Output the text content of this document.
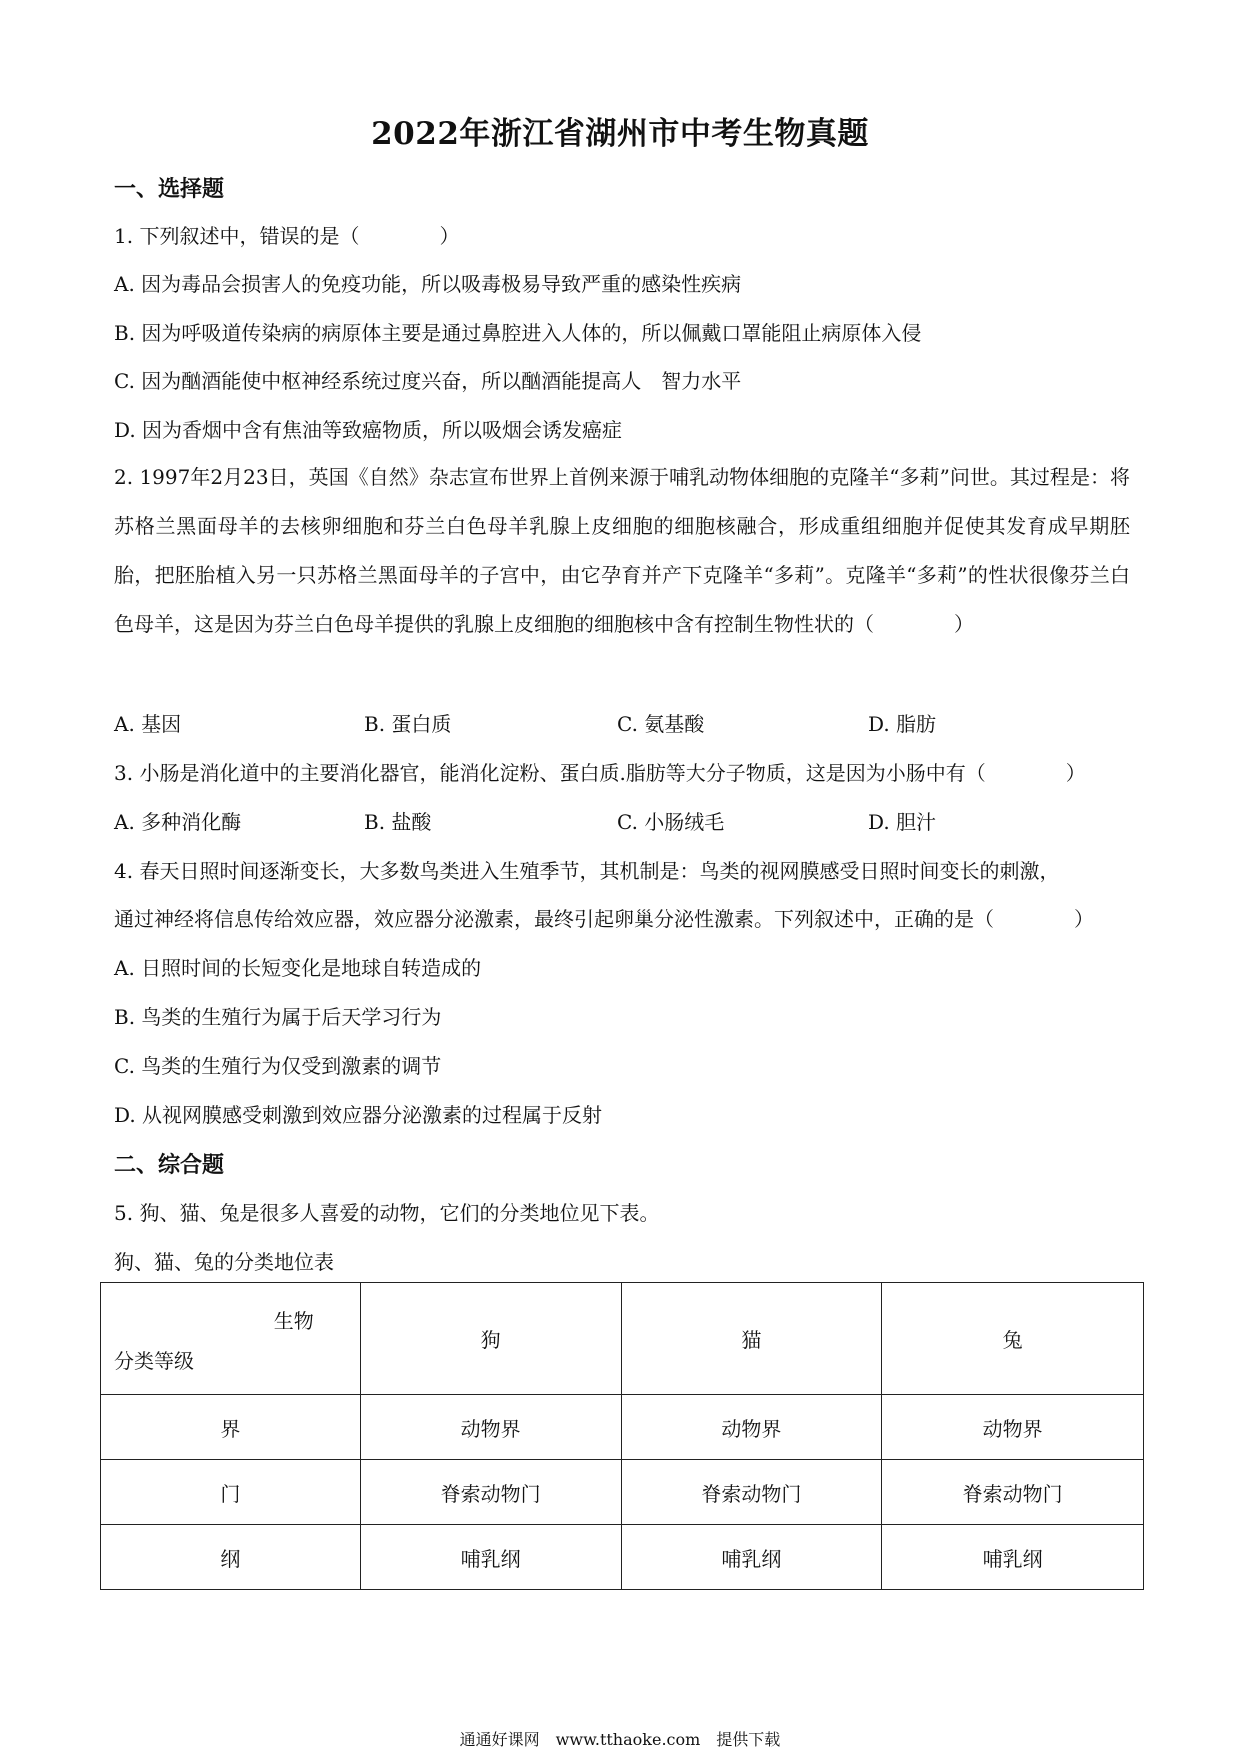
2022年浙江省湖州市中考生物真题
一、选择题
1. 下列叙述中，错误的是（　　　　）
A. 因为毒品会损害人的免疫功能，所以吸毒极易导致严重的感染性疾病
B. 因为呼吸道传染病的病原体主要是通过鼻腔进入人体的，所以佩戴口罩能阻止病原体入侵
C. 因为酗酒能使中枢神经系统过度兴奋，所以酗酒能提高人　智力水平
D. 因为香烟中含有焦油等致癌物质，所以吸烟会诱发癌症
2. 1997年2月23日，英国《自然》杂志宣布世界上首例来源于哺乳动物体细胞的克隆羊“多莉”问世。其过程是：将苏格兰黑面母羊的去核卵细胞和芬兰白色母羊乳腺上皮细胞的细胞核融合，形成重组细胞并促使其发育成早期胚胎，把胚胎植入另一只苏格兰黑面母羊的子宫中，由它孕育并产下克隆羊“多莉”。克隆羊“多莉”的性状很像芬兰白色母羊，这是因为芬兰白色母羊提供的乳腺上皮细胞的细胞核中含有控制生物性状的（　　　　）
A. 基因	B. 蛋白质	C. 氨基酸	D. 脂肪
3. 小肠是消化道中的主要消化器官，能消化淀粉、蛋白质.脂肪等大分子物质，这是因为小肠中有（　　　　）
A. 多种消化酶	B. 盐酸	C. 小肠绒毛	D. 胆汁
4. 春天日照时间逐渐变长，大多数鸟类进入生殖季节，其机制是：鸟类的视网膜感受日照时间变长的刺激，
通过神经将信息传给效应器，效应器分泌激素，最终引起卵巢分泌性激素。下列叙述中，正确的是（　　　　）
A. 日照时间的长短变化是地球自转造成的
B. 鸟类的生殖行为属于后天学习行为
C. 鸟类的生殖行为仅受到激素的调节
D. 从视网膜感受刺激到效应器分泌激素的过程属于反射
二、综合题
5. 狗、猫、兔是很多人喜爱的动物，它们的分类地位见下表。
狗、猫、兔的分类地位表
生物
分类等级	狗	猫	兔
界	动物界	动物界	动物界
门	脊索动物门	脊索动物门	脊索动物门
纲	哺乳纲	哺乳纲	哺乳纲
通通好课网　www.tthaoke.com　提供下载
